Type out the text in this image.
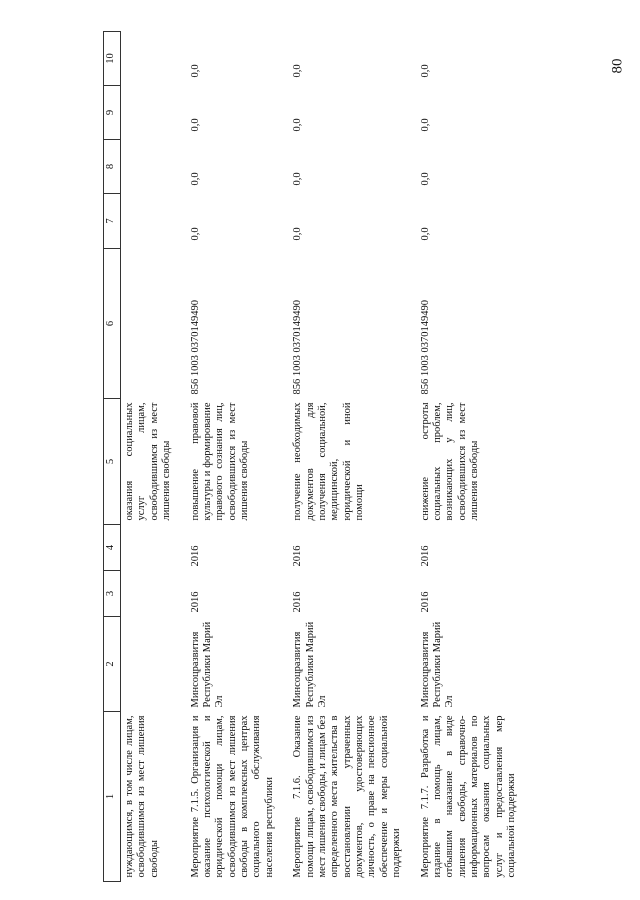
80
1	2	3	4	5	6	7	8	9	10
нуждающимся, в том числе лицам, освободившимся из мест лишения свободы				оказания социальных услуг лицам, освободившимся из мест лишения свободы					

Мероприятие 7.1.5. Организация и оказание психологической и юридической помощи лицам, освободившимся из мест лишения свободы в комплексных центрах социального обслуживания населения республики	Минсоцразвития Республики Марий Эл	2016	2016	повышение правовой культуры и формирование правового сознания лиц, освободившихся из мест лишения свободы	856 1003 0370149490	0,0	0,0	0,0	0,0

Мероприятие 7.1.6. Оказание помощи лицам, освободившимся из мест лишения свободы, и лицам без определенного места жительства в восстановлении утраченных документов, удостоверяющих личность, о праве на пенсионное обеспечение и меры социальной поддержки	Минсоцразвития Республики Марий Эл	2016	2016	получение необходимых документов для получения социальной, медицинской, юридической и иной помощи	856 1003 0370149490	0,0	0,0	0,0	0,0

Мероприятие 7.1.7. Разработка и издание в помощь лицам, отбывшим наказание в виде лишения свободы, справочно-информационных материалов по вопросам оказания социальных услуг и предоставления мер социальной поддержки	Минсоцразвития Республики Марий Эл	2016	2016	снижение остроты социальных проблем, возникающих у лиц, освободившихся из мест лишения свободы	856 1003 0370149490	0,0	0,0	0,0	0,0
